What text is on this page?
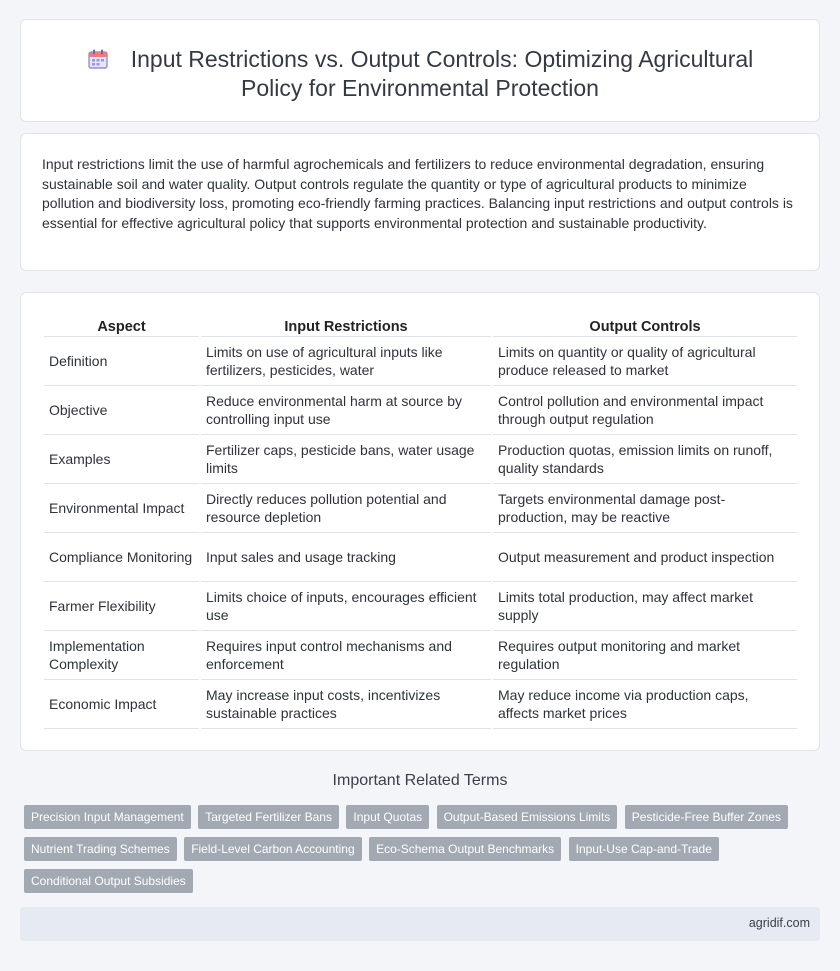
Input Restrictions vs. Output Controls: Optimizing Agricultural
Policy for Environmental Protection

Input restrictions limit the use of harmful agrochemicals and fertilizers to reduce environmental degradation, ensuring sustainable soil and water quality. Output controls regulate the quantity or type of agricultural products to minimize pollution and biodiversity loss, promoting eco-friendly farming practices. Balancing input restrictions and output controls is essential for effective agricultural policy that supports environmental protection and sustainable productivity.

Aspect	Input Restrictions	Output Controls
Definition	Limits on use of agricultural inputs like fertilizers, pesticides, water	Limits on quantity or quality of agricultural produce released to market
Objective	Reduce environmental harm at source by controlling input use	Control pollution and environmental impact through output regulation
Examples	Fertilizer caps, pesticide bans, water usage limits	Production quotas, emission limits on runoff, quality standards
Environmental Impact	Directly reduces pollution potential and resource depletion	Targets environmental damage post-production, may be reactive
Compliance Monitoring	Input sales and usage tracking	Output measurement and product inspection
Farmer Flexibility	Limits choice of inputs, encourages efficient use	Limits total production, may affect market supply
Implementation Complexity	Requires input control mechanisms and enforcement	Requires output monitoring and market regulation
Economic Impact	May increase input costs, incentivizes sustainable practices	May reduce income via production caps, affects market prices
Important Related Terms
Precision Input Management Targeted Fertilizer Bans Input Quotas Output-Based Emissions Limits Pesticide-Free Buffer Zones Nutrient Trading Schemes Field-Level Carbon Accounting Eco-Schema Output Benchmarks Input-Use Cap-and-Trade Conditional Output Subsidies
agridif.com
